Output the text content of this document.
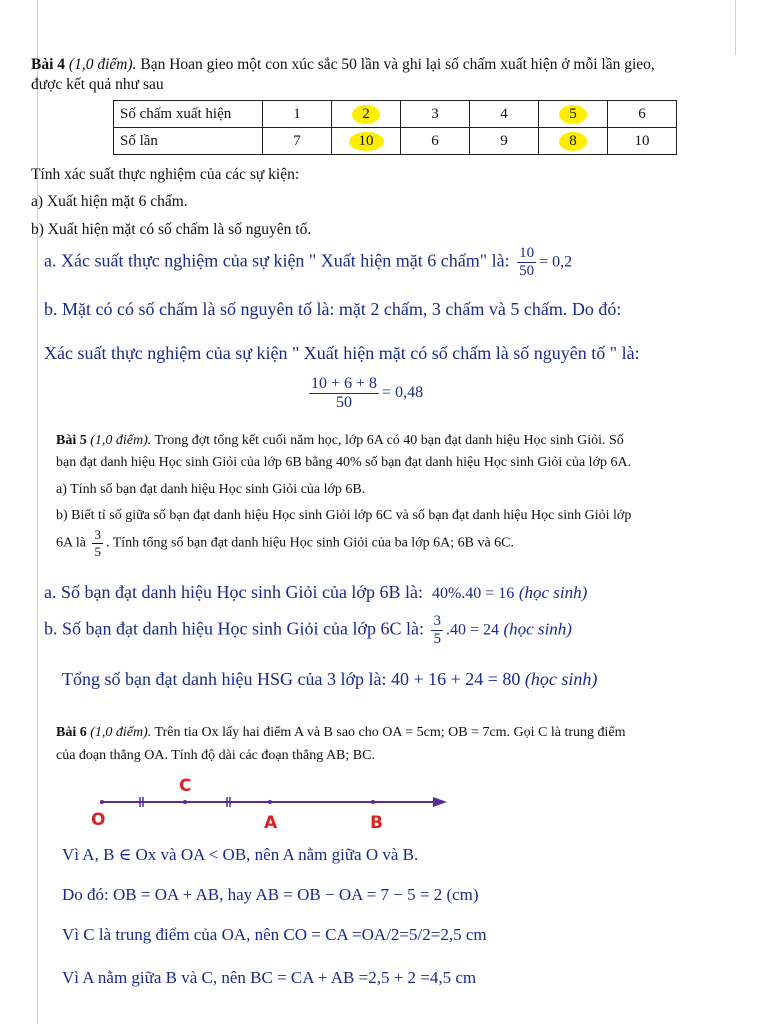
Bài 4 (1,0 điểm). Bạn Hoan gieo một con xúc sắc 50 lần và ghi lại số chấm xuất hiện ở mỗi lần gieo,
được kết quả như sau
Số chấm xuất hiện	1	2	3	4	5	6
Số lần	7	10	6	9	8	10
Tính xác suất thực nghiệm của các sự kiện:
a) Xuất hiện mặt 6 chấm.
b) Xuất hiện mặt có số chấm là số nguyên tố.
a. Xác suất thực nghiệm của sự kiện " Xuất hiện mặt 6 chấm" là: $\frac{10}{50} = 0,2$
b. Mặt có có số chấm là số nguyên tố là: mặt 2 chấm, 3 chấm và 5 chấm. Do đó:
Xác suất thực nghiệm của sự kiện " Xuất hiện mặt có số chấm là số nguyên tố " là:
$\frac{10 + 6 + 8}{50} = 0,48$
Bài 5 (1,0 điểm). Trong đợt tổng kết cuối năm học, lớp 6A có 40 bạn đạt danh hiệu Học sinh Giỏi. Số
bạn đạt danh hiệu Học sinh Giỏi của lớp 6B bằng 40% số bạn đạt danh hiệu Học sinh Giỏi của lớp 6A.
a) Tính số bạn đạt danh hiệu Học sinh Giỏi của lớp 6B.
b) Biết tỉ số giữa số bạn đạt danh hiệu Học sinh Giỏi lớp 6C và số bạn đạt danh hiệu Học sinh Giỏi lớp
6A là $\frac{3}{5}$ . Tính tổng số bạn đạt danh hiệu Học sinh Giỏi của ba lớp 6A; 6B và 6C.
a. Số bạn đạt danh hiệu Học sinh Giỏi của lớp 6B là: 40%.40 = 16 (học sinh)
b. Số bạn đạt danh hiệu Học sinh Giỏi của lớp 6C là: $\frac{3}{5} .40 = 24$ (học sinh)
Tổng số bạn đạt danh hiệu HSG của 3 lớp là: 40 + 16 + 24 = 80 (học sinh)
Bài 6 (1,0 điểm). Trên tia Ox lấy hai điểm A và B sao cho OA = 5cm; OB = 7cm. Gọi C là trung điểm
của đoạn thẳng OA. Tính độ dài các đoạn thẳng AB; BC.
C
O	A	B
Vì A, B ∈ Ox và OA < OB, nên A nằm giữa O và B.
Do đó: OB = OA + AB, hay AB = OB − OA = 7 − 5 = 2 (cm)
Vì C là trung điểm của OA, nên CO = CA =OA/2=5/2=2,5 cm
Vì A nằm giữa B và C, nên BC = CA + AB =2,5 + 2 =4,5 cm
